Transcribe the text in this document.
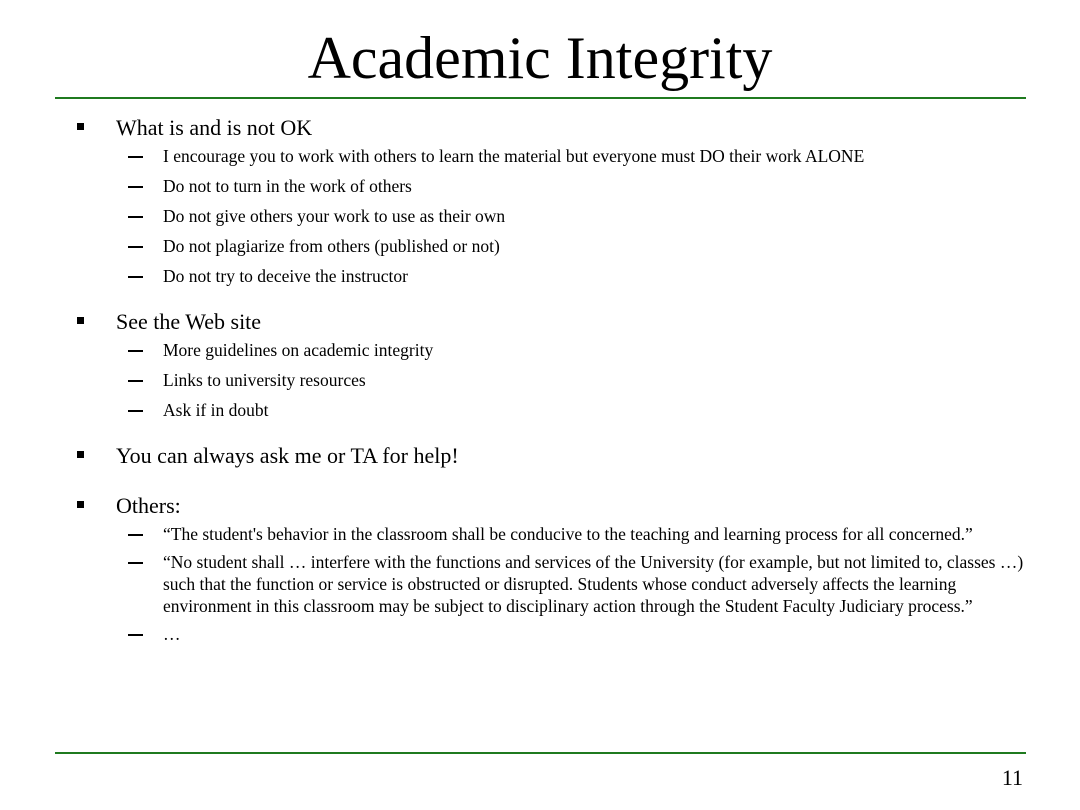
Academic Integrity

What is and is not OK

I encourage you to work with others to learn the material but everyone must DO their work ALONE
Do not to turn in the work of others
Do not give others your work to use as their own
Do not plagiarize from others (published or not)
Do not try to deceive the instructor

See the Web site

More guidelines on academic integrity
Links to university resources
Ask if in doubt

You can always ask me or TA for help!

Others:

“The student's behavior in the classroom shall be conducive to the teaching and learning process for all concerned.”
“No student shall … interfere with the functions and services of the University (for example, but not limited to, classes …) such that the function or service is obstructed or disrupted. Students whose conduct adversely affects the learning environment in this classroom may be subject to disciplinary action through the Student Faculty Judiciary process.”
…
11
